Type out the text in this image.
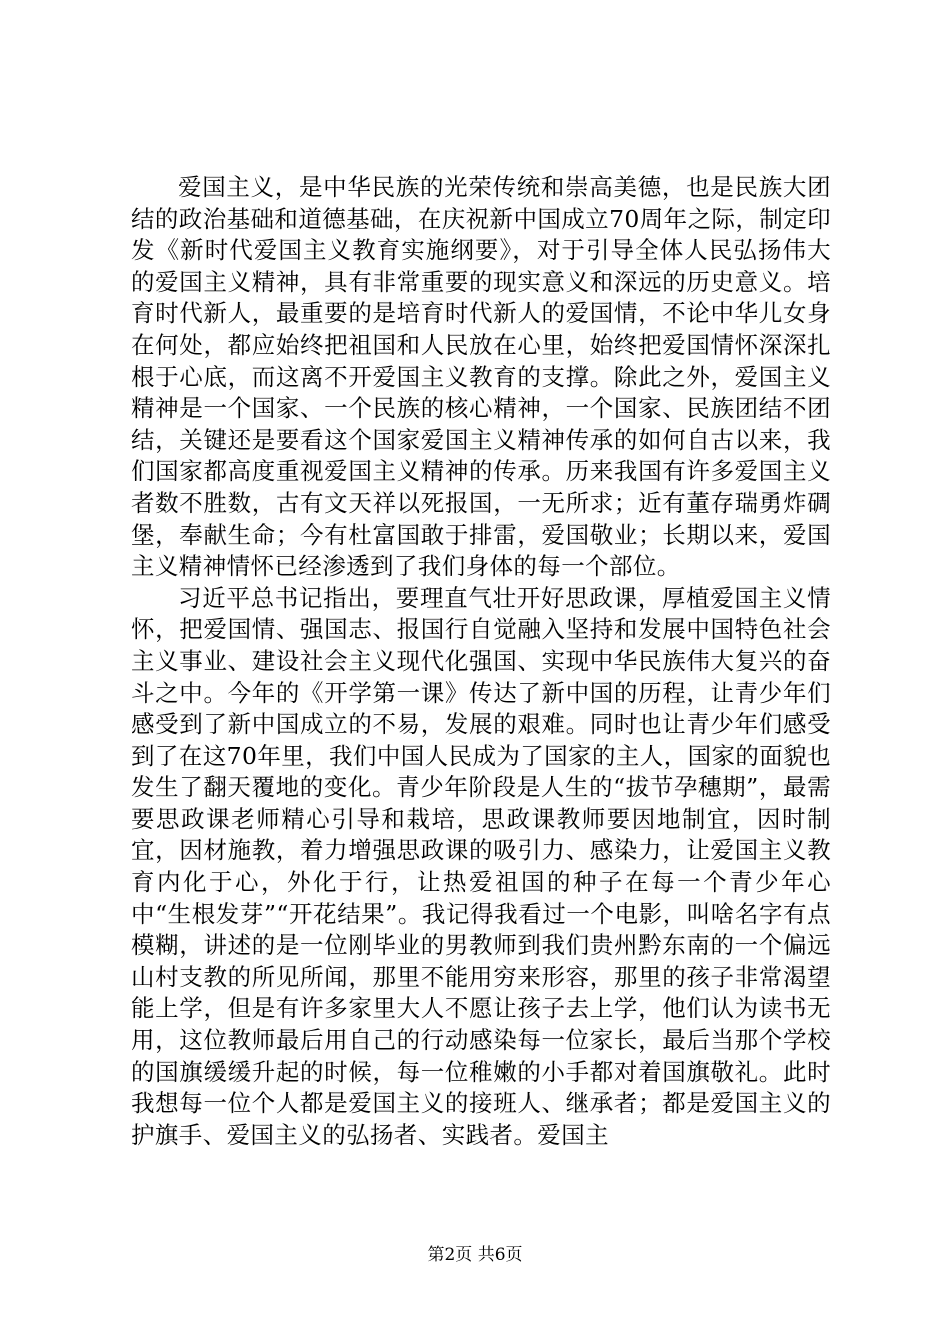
爱国主义，是中华民族的光荣传统和崇高美德，也是民族大团结的政治基础和道德基础，在庆祝新中国成立70周年之际，制定印发《新时代爱国主义教育实施纲要》，对于引导全体人民弘扬伟大的爱国主义精神，具有非常重要的现实意义和深远的历史意义。培育时代新人，最重要的是培育时代新人的爱国情，不论中华儿女身在何处，都应始终把祖国和人民放在心里，始终把爱国情怀深深扎根于心底，而这离不开爱国主义教育的支撑。除此之外，爱国主义精神是一个国家、一个民族的核心精神，一个国家、民族团结不团结，关键还是要看这个国家爱国主义精神传承的如何自古以来，我们国家都高度重视爱国主义精神的传承。历来我国有许多爱国主义者数不胜数，古有文天祥以死报国，一无所求；近有董存瑞勇炸碉堡，奉献生命；今有杜富国敢于排雷，爱国敬业；长期以来，爱国主义精神情怀已经渗透到了我们身体的每一个部位。

习近平总书记指出，要理直气壮开好思政课，厚植爱国主义情怀，把爱国情、强国志、报国行自觉融入坚持和发展中国特色社会主义事业、建设社会主义现代化强国、实现中华民族伟大复兴的奋斗之中。今年的《开学第一课》传达了新中国的历程，让青少年们感受到了新中国成立的不易，发展的艰难。同时也让青少年们感受到了在这70年里，我们中国人民成为了国家的主人，国家的面貌也发生了翻天覆地的变化。青少年阶段是人生的“拔节孕穗期”，最需要思政课老师精心引导和栽培，思政课教师要因地制宜，因时制宜，因材施教，着力增强思政课的吸引力、感染力，让爱国主义教育内化于心，外化于行，让热爱祖国的种子在每一个青少年心中“生根发芽”“开花结果”。我记得我看过一个电影，叫啥名字有点模糊，讲述的是一位刚毕业的男教师到我们贵州黔东南的一个偏远山村支教的所见所闻，那里不能用穷来形容，那里的孩子非常渴望能上学，但是有许多家里大人不愿让孩子去上学，他们认为读书无用，这位教师最后用自己的行动感染每一位家长，最后当那个学校的国旗缓缓升起的时候，每一位稚嫩的小手都对着国旗敬礼。此时我想每一位个人都是爱国主义的接班人、继承者；都是爱国主义的护旗手、爱国主义的弘扬者、实践者。爱国主

第2页 共6页
